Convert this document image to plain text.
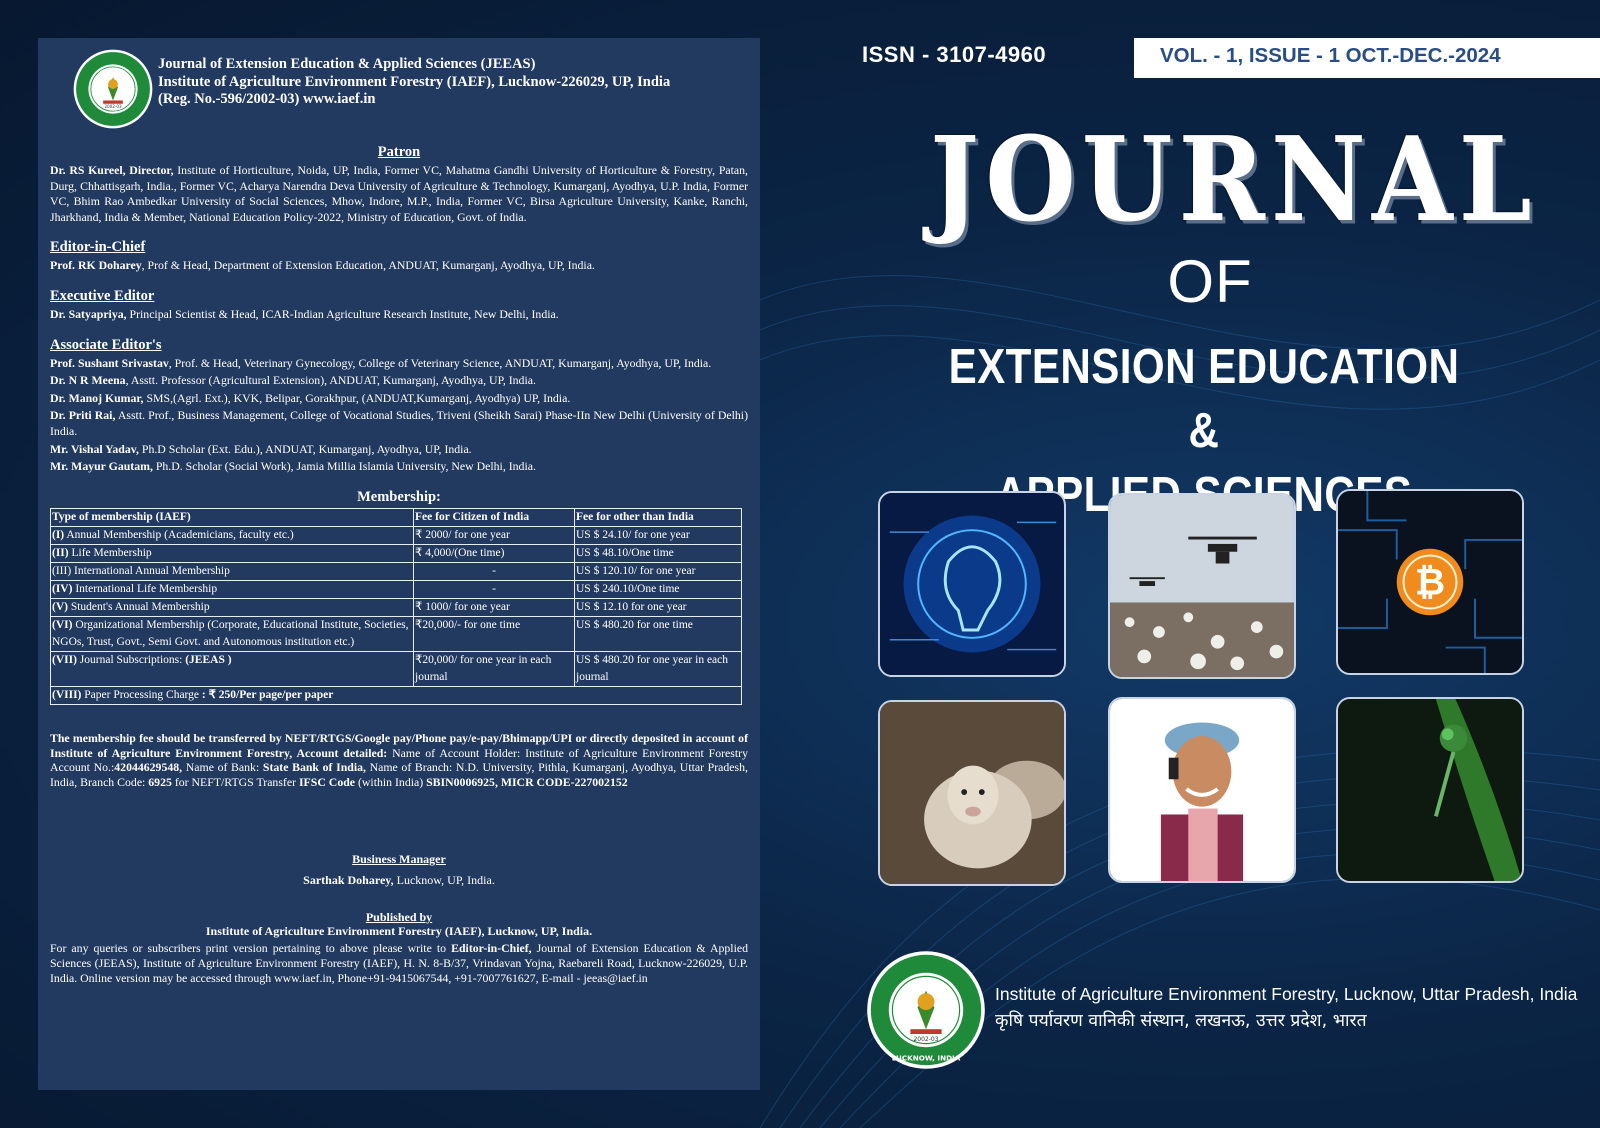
2002-03
Journal of Extension Education & Applied Sciences (JEEAS)
Institute of Agriculture Environment Forestry (IAEF), Lucknow-226029, UP, India
(Reg. No.-596/2002-03) www.iaef.in
Patron

Dr. RS Kureel, Director, Institute of Horticulture, Noida, UP, India, Former VC, Mahatma Gandhi University of Horticulture & Forestry, Patan, Durg, Chhattisgarh, India., Former VC, Acharya Narendra Deva University of Agriculture & Technology, Kumarganj, Ayodhya, U.P. India, Former VC, Bhim Rao Ambedkar University of Social Sciences, Mhow, Indore, M.P., India, Former VC, Birsa Agriculture University, Kanke, Ranchi, Jharkhand, India & Member, National Education Policy-2022, Ministry of Education, Govt. of India.

Editor-in-Chief

Prof. RK Doharey, Prof & Head, Department of Extension Education, ANDUAT, Kumarganj, Ayodhya, UP, India.

Executive Editor

Dr. Satyapriya, Principal Scientist & Head, ICAR-Indian Agriculture Research Institute, New Delhi, India.

Associate Editor's

Prof. Sushant Srivastav, Prof. & Head, Veterinary Gynecology, College of Veterinary Science, ANDUAT, Kumarganj, Ayodhya, UP, India.

Dr. N R Meena, Asstt. Professor (Agricultural Extension), ANDUAT, Kumarganj, Ayodhya, UP, India.

Dr. Manoj Kumar, SMS,(Agrl. Ext.), KVK, Belipar, Gorakhpur, (ANDUAT,Kumarganj, Ayodhya) UP, India.

Dr. Priti Rai, Asstt. Prof., Business Management, College of Vocational Studies, Triveni (Sheikh Sarai) Phase-IIn New Delhi (University of Delhi) India.

Mr. Vishal Yadav, Ph.D Scholar (Ext. Edu.), ANDUAT, Kumarganj, Ayodhya, UP, India.

Mr. Mayur Gautam, Ph.D. Scholar (Social Work), Jamia Millia Islamia University, New Delhi, India.

Membership:
Type of membership (IAEF)	Fee for Citizen of India	Fee for other than India
(I) Annual Membership (Academicians, faculty etc.)	₹ 2000/ for one year	US $ 24.10/ for one year
(II) Life Membership	₹ 4,000/(One time)	US $ 48.10/One time
(III) International Annual Membership	-	US $ 120.10/ for one year
(IV) International Life Membership	-	US $ 240.10/One time
(V) Student's Annual Membership	₹ 1000/ for one year	US $ 12.10 for one year
(VI) Organizational Membership (Corporate, Educational Institute, Societies, NGOs, Trust, Govt., Semi Govt. and Autonomous institution etc.)	₹20,000/- for one time	US $ 480.20 for one time
(VII) Journal Subscriptions: (JEEAS )	₹20,000/ for one year in each journal	US $ 480.20 for one year in each journal
(VIII) Paper Processing Charge : ₹ 250/Per page/per paper		
The membership fee should be transferred by NEFT/RTGS/Google pay/Phone pay/e-pay/Bhimapp/UPI or directly deposited in account of Institute of Agriculture Environment Forestry, Account detailed: Name of Account Holder: Institute of Agriculture Environment Forestry Account No.:42044629548, Name of Bank: State Bank of India, Name of Branch: N.D. University, Pithla, Kumarganj, Ayodhya, Uttar Pradesh, India, Branch Code: 6925 for NEFT/RTGS Transfer IFSC Code (within India) SBIN0006925, MICR CODE-227002152
Business Manager
Sarthak Doharey, Lucknow, UP, India.
Published by
Institute of Agriculture Environment Forestry (IAEF), Lucknow, UP, India.
For any queries or subscribers print version pertaining to above please write to Editor-in-Chief, Journal of Extension Education & Applied Sciences (JEEAS), Institute of Agriculture Environment Forestry (IAEF), H. N. 8-B/37, Vrindavan Yojna, Raebareli Road, Lucknow-226029, U.P. India. Online version may be accessed through www.iaef.in, Phone+91-9415067544, +91-7007761627, E-mail - jeeas@iaef.in
ISSN - 3107-4960	VOL. - 1, ISSUE - 1 OCT.-DEC.-2024
JOURNAL
OF
EXTENSION EDUCATION &
APPLIED SCIENCES
₿
2002-03
LUCKNOW, INDIA
Institute of Agriculture Environment Forestry, Lucknow, Uttar Pradesh, India
कृषि पर्यावरण वानिकी संस्थान, लखनऊ, उत्तर प्रदेश, भारत
